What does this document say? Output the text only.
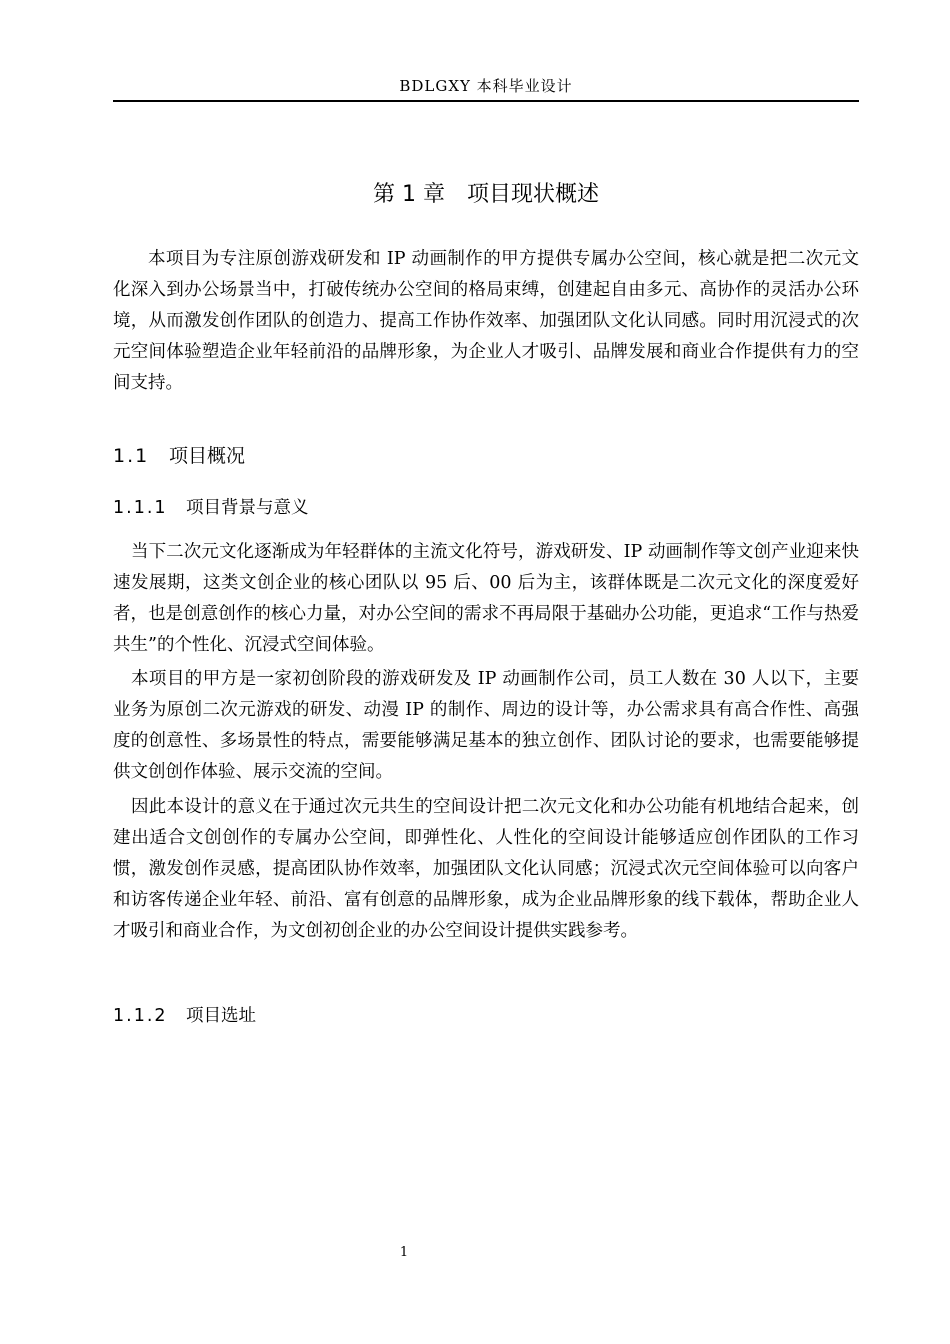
BDLGXY 本科毕业设计
第 1 章　项目现状概述

本项目为专注原创游戏研发和 IP 动画制作的甲方提供专属办公空间，核心就是把二次元文化深入到办公场景当中，打破传统办公空间的格局束缚，创建起自由多元、高协作的灵活办公环境，从而激发创作团队的创造力、提高工作协作效率、加强团队文化认同感。同时用沉浸式的次元空间体验塑造企业年轻前沿的品牌形象，为企业人才吸引、品牌发展和商业合作提供有力的空间支持。

1.1 项目概况
1.1.1 项目背景与意义

当下二次元文化逐渐成为年轻群体的主流文化符号，游戏研发、IP 动画制作等文创产业迎来快速发展期，这类文创企业的核心团队以 95 后、00 后为主，该群体既是二次元文化的深度爱好者，也是创意创作的核心力量，对办公空间的需求不再局限于基础办公功能，更追求“工作与热爱共生”的个性化、沉浸式空间体验。

本项目的甲方是一家初创阶段的游戏研发及 IP 动画制作公司，员工人数在 30 人以下，主要业务为原创二次元游戏的研发、动漫 IP 的制作、周边的设计等，办公需求具有高合作性、高强度的创意性、多场景性的特点，需要能够满足基本的独立创作、团队讨论的要求，也需要能够提供文创创作体验、展示交流的空间。

因此本设计的意义在于通过次元共生的空间设计把二次元文化和办公功能有机地结合起来，创建出适合文创创作的专属办公空间，即弹性化、人性化的空间设计能够适应创作团队的工作习惯，激发创作灵感，提高团队协作效率，加强团队文化认同感；沉浸式次元空间体验可以向客户和访客传递企业年轻、前沿、富有创意的品牌形象，成为企业品牌形象的线下载体，帮助企业人才吸引和商业合作，为文创初创企业的办公空间设计提供实践参考。

1.1.2 项目选址
1
